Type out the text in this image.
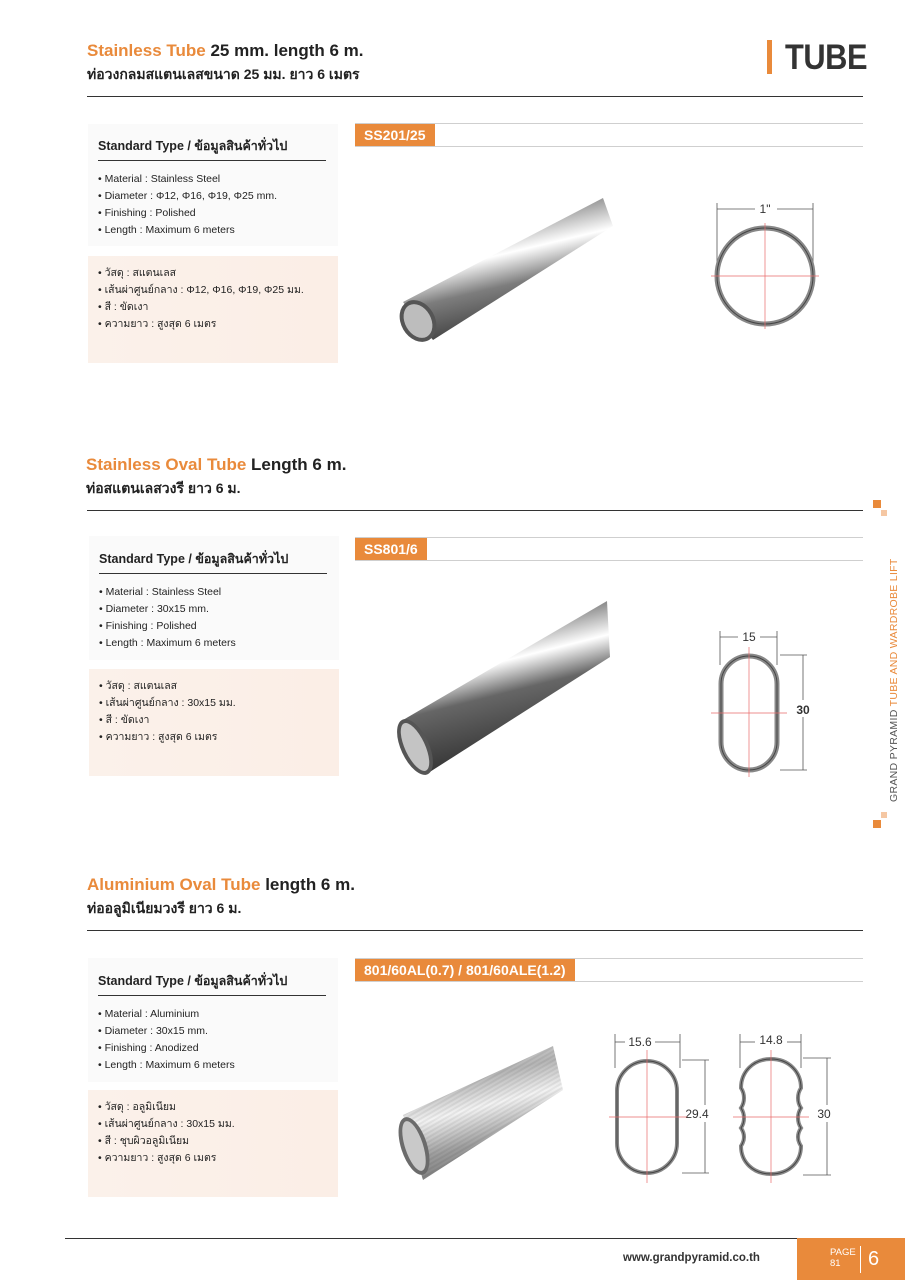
TUBE
Stainless Tube 25 mm. length 6 m.
ท่อวงกลมสแตนเลสขนาด 25 มม. ยาว 6 เมตร
Standard Type / ข้อมูลสินค้าทั่วไป
• Material : Stainless Steel
• Diameter : Φ12, Φ16, Φ19, Φ25 mm.
• Finishing : Polished
• Length : Maximum 6 meters
• วัสดุ : สแตนเลส
• เส้นผ่าศูนย์กลาง : Φ12, Φ16, Φ19, Φ25 มม.
• สี : ขัดเงา
• ความยาว : สูงสุด 6 เมตร
SS201/25
1"
Stainless Oval Tube Length 6 m.
ท่อสแตนเลสวงรี ยาว 6 ม.
Standard Type / ข้อมูลสินค้าทั่วไป
• Material : Stainless Steel
• Diameter : 30x15 mm.
• Finishing : Polished
• Length : Maximum 6 meters
• วัสดุ : สแตนเลส
• เส้นผ่าศูนย์กลาง : 30x15 มม.
• สี : ขัดเงา
• ความยาว : สูงสุด 6 เมตร
SS801/6
15
30
Aluminium Oval Tube length 6 m.
ท่ออลูมิเนียมวงรี ยาว 6 ม.
Standard Type / ข้อมูลสินค้าทั่วไป
• Material : Aluminium
• Diameter : 30x15 mm.
• Finishing : Anodized
• Length : Maximum 6 meters
• วัสดุ : อลูมิเนียม
• เส้นผ่าศูนย์กลาง : 30x15 มม.
• สี : ชุบผิวอลูมิเนียม
• ความยาว : สูงสุด 6 เมตร
801/60AL(0.7) / 801/60ALE(1.2)
15.6
29.4
14.8
30
GRAND PYRAMID TUBE AND WARDROBE LIFT
www.grandpyramid.co.th	PAGE
81	6
